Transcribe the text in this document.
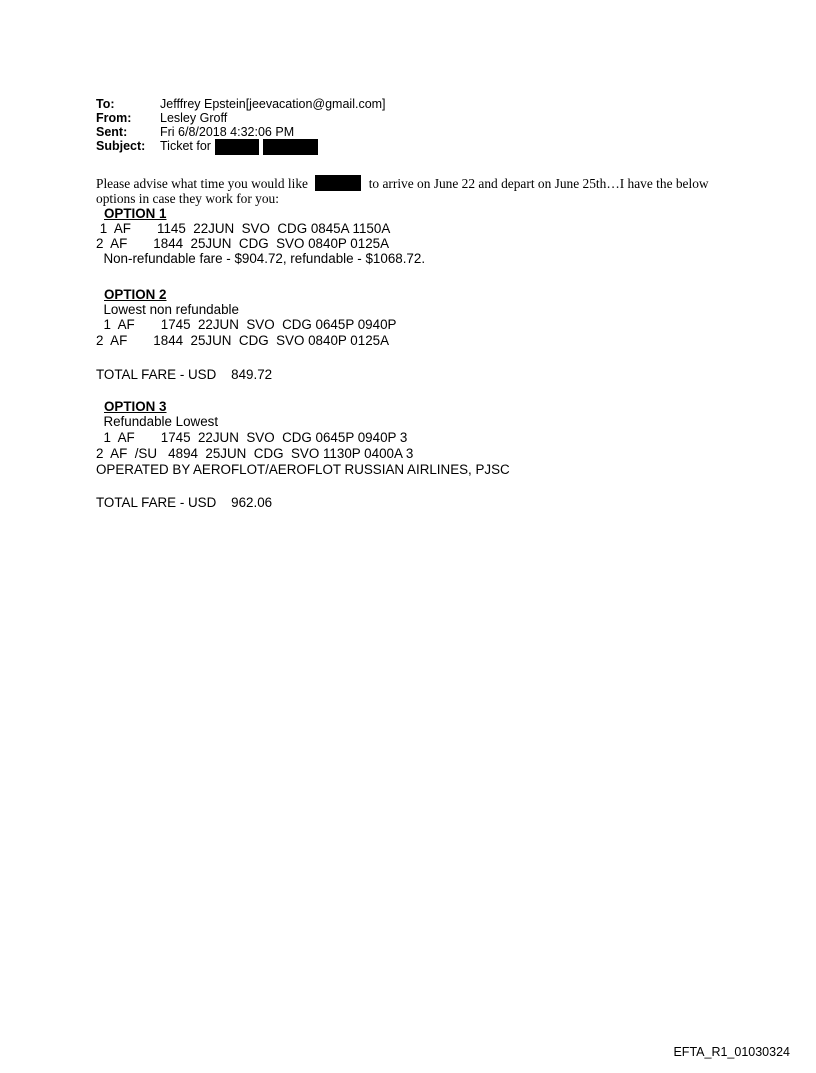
To:	Jefffrey Epstein[jeevacation@gmail.com]
From:	Lesley Groff
Sent:	Fri 6/8/2018 4:32:06 PM
Subject:	Ticket for
Please advise what time you would like	to arrive on June 22 and depart on June 25th…I have the below options in case they work for you:
OPTION 1
1  AF       1145  22JUN  SVO  CDG 0845A 1150A
2  AF       1844  25JUN  CDG  SVO 0840P 0125A
Non-refundable fare - $904.72, refundable - $1068.72.
OPTION 2
Lowest non refundable
1  AF       1745  22JUN  SVO  CDG 0645P 0940P
2  AF       1844  25JUN  CDG  SVO 0840P 0125A
TOTAL FARE - USD    849.72
OPTION 3
Refundable Lowest
1  AF       1745  22JUN  SVO  CDG 0645P 0940P 3
2  AF  /SU   4894  25JUN  CDG  SVO 1130P 0400A 3
OPERATED BY AEROFLOT/AEROFLOT RUSSIAN AIRLINES, PJSC
TOTAL FARE - USD    962.06
EFTA_R1_01030324
